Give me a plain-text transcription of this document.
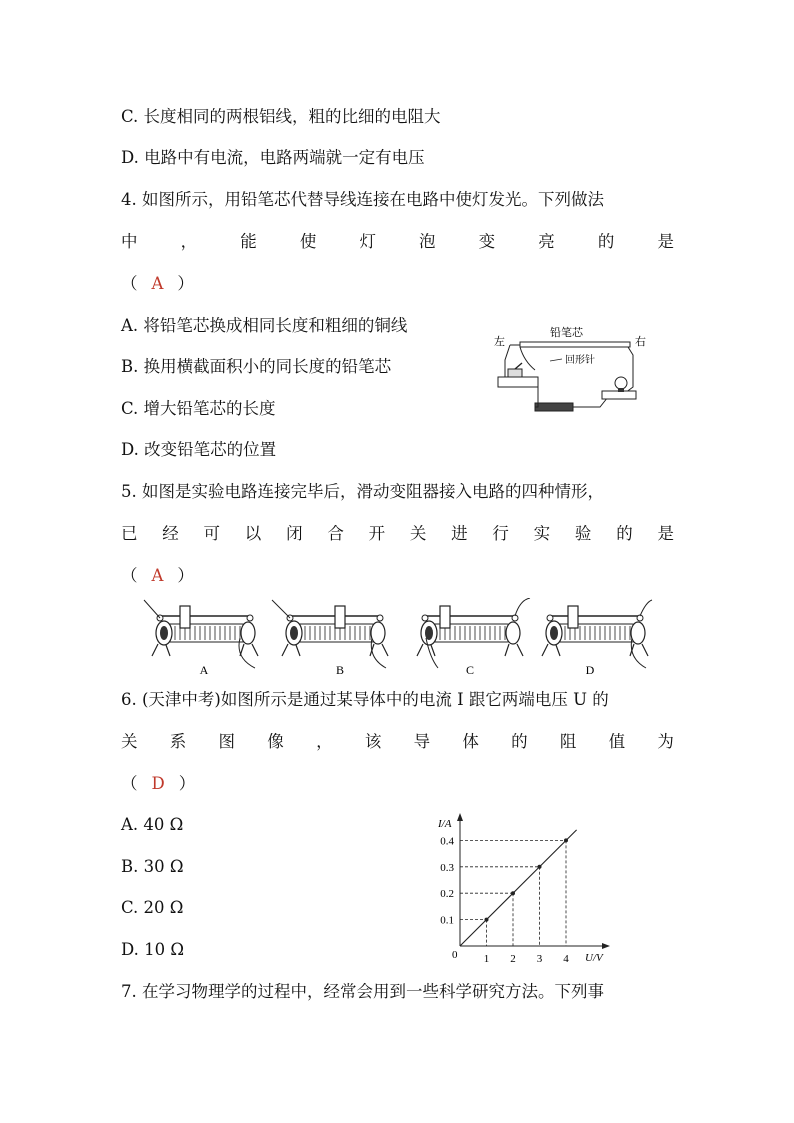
C. 长度相同的两根铝线，粗的比细的电阻大
D. 电路中有电流，电路两端就一定有电压
4. 如图所示，用铅笔芯代替导线连接在电路中使灯发光。下列做法
中	，	能	使	灯	泡	变	亮	的	是
（ A ）
A. 将铅笔芯换成相同长度和粗细的铜线
B. 换用横截面积小的同长度的铅笔芯
C. 增大铅笔芯的长度
D. 改变铅笔芯的位置
左	右
铅笔芯
回形针
5. 如图是实验电路连接完毕后，滑动变阻器接入电路的四种情形，
已 经 可 以 闭 合 开 关 进 行 实 验 的 是
（ A ）
A	B	C	D
6. (天津中考)如图所示是通过某导体中的电流 I 跟它两端电压 U 的
关 系 图 像 ， 该 导 体 的 阻 值 为
（ D ）
A. 40 Ω
B. 30 Ω
C. 20 Ω
D. 10 Ω
I/A
U/V
0 1 2 3 4
0.1
0.2
0.3
0.4
7. 在学习物理学的过程中，经常会用到一些科学研究方法。下列事
